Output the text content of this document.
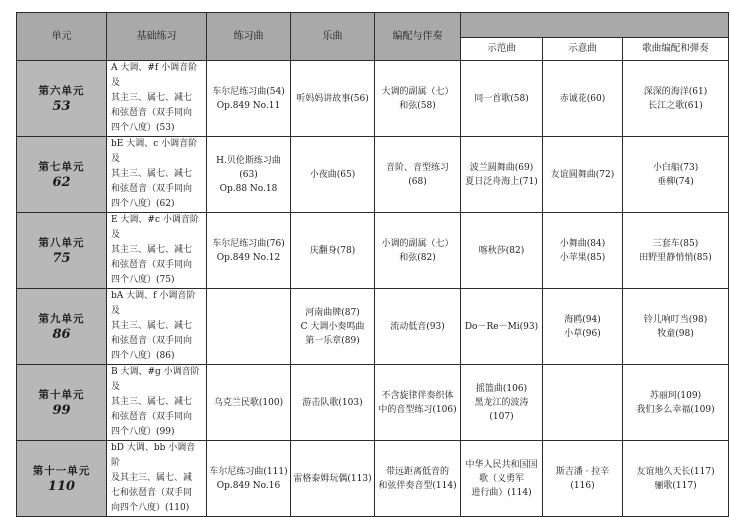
单元	基础练习	练习曲	乐曲	编配与伴奏			
					示范曲	示意曲	歌曲编配和弹奏

第六单元
53	A 大调、#f 小调音阶及
其主三、属七、减七
和弦琶音（双手同向
四个八度）(53)	车尔尼练习曲(54)
Op.849 No.11	听妈妈讲故事(56)	大调的副属（七）
和弦(58)	同一首歌(58)	赤诚花(60)	深深的海洋(61)
长江之歌(61)

第七单元
62	bE 大调、c 小调音阶及
其主三、属七、减七
和弦琶音（双手同向
四个八度）(62)	H.贝伦斯练习曲(63)
Op.88 No.18	小夜曲(65)	音阶、音型练习(68)	波兰圆舞曲(69)
夏日泛舟海上(71)	友谊圆舞曲(72)	小白船(73)
垂柳(74)

第八单元
75	E 大调、#c 小调音阶及
其主三、属七、减七
和弦琶音（双手同向
四个八度）(75)	车尔尼练习曲(76)
Op.849 No.12	庆翻身(78)	小调的副属（七）
和弦(82)	喀秋莎(82)	小舞曲(84)
小苹果(85)	三套车(85)
田野里静悄悄(85)

第九单元
86	bA 大调、f 小调音阶及
其主三、属七、减七
和弦琶音（双手同向
四个八度）(86)		河南曲牌(87)
C 大调小奏鸣曲
第一乐章(89)	流动低音(93)	Do－Re－Mi(93)	海鸥(94)
小草(96)	铃儿响叮当(98)
牧童(98)

第十单元
99	B 大调、#g 小调音阶及
其主三、属七、减七
和弦琶音（双手同向
四个八度）(99)	乌克兰民歌(100)	游击队歌(103)	不含旋律伴奏织体
中的音型练习(106)	摇篮曲(106)
黑龙江的波涛(107)		苏丽珂(109)
我们多么幸福(109)

第十一单元
110	bD 大调、bb 小调音阶
及其主三、属七、减
七和弦琶音（双手同
向四个八度）(110)	车尔尼练习曲(111)
Op.849 No.16	雷格泰姆玩偶(113)	带远距离低音的
和弦伴奏音型(114)	中华人民共和国国
歌（义勇军
进行曲）(114)	斯吉潘 · 拉辛
(116)	友谊地久天长(117)
骊歌(117)
